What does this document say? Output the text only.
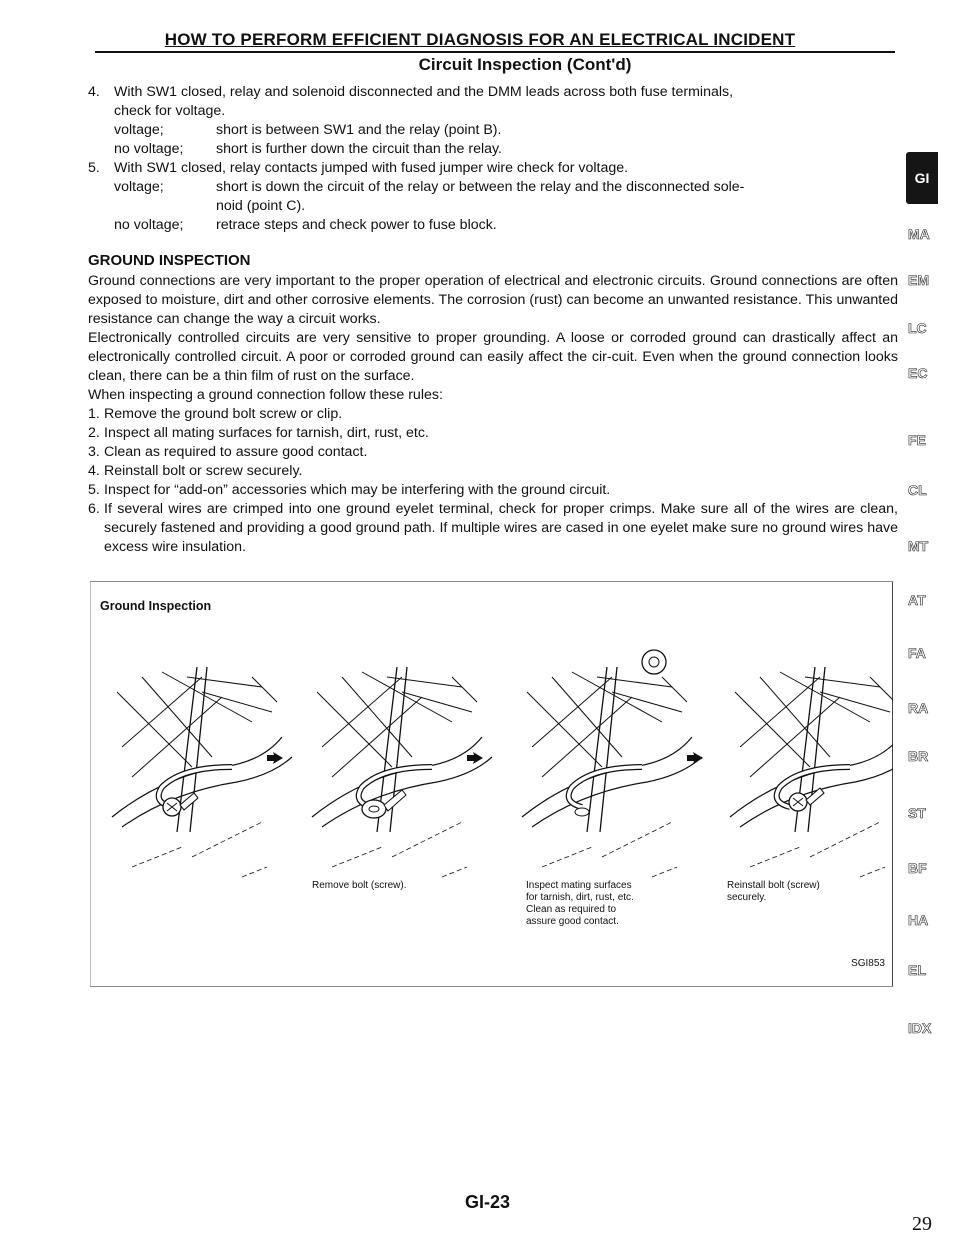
HOW TO PERFORM EFFICIENT DIAGNOSIS FOR AN ELECTRICAL INCIDENT
Circuit Inspection (Cont'd)
4. With SW1 closed, relay and solenoid disconnected and the DMM leads across both fuse terminals,
check for voltage.
voltage;	short is between SW1 and the relay (point B).
no voltage;	short is further down the circuit than the relay.
5. With SW1 closed, relay contacts jumped with fused jumper wire check for voltage.
voltage;	short is down the circuit of the relay or between the relay and the disconnected sole-
noid (point C).
no voltage;	retrace steps and check power to fuse block.
GROUND INSPECTION
Ground connections are very important to the proper operation of electrical and electronic circuits. Ground connections are often exposed to moisture, dirt and other corrosive elements. The corrosion (rust) can become an unwanted resistance. This unwanted resistance can change the way a circuit works.
Electronically controlled circuits are very sensitive to proper grounding. A loose or corroded ground can drastically affect an electronically controlled circuit. A poor or corroded ground can easily affect the cir-cuit. Even when the ground connection looks clean, there can be a thin film of rust on the surface.
When inspecting a ground connection follow these rules:
1. Remove the ground bolt screw or clip.
2. Inspect all mating surfaces for tarnish, dirt, rust, etc.
3. Clean as required to assure good contact.
4. Reinstall bolt or screw securely.
5. Inspect for “add-on” accessories which may be interfering with the ground circuit.
6. If several wires are crimped into one ground eyelet terminal, check for proper crimps. Make sure all of the wires are clean, securely fastened and providing a good ground path. If multiple wires are cased in one eyelet make sure no ground wires have excess wire insulation.
Ground Inspection
Remove bolt (screw).	Inspect mating surfaces
for tarnish, dirt, rust, etc.
Clean as required to
assure good contact.
Reinstall bolt (screw)
securely.
SGI853
GI
MA
EM
LC
EC
FE
CL
MT
AT
FA
RA
BR
ST
BF
HA
EL
IDX
GI-23
29
